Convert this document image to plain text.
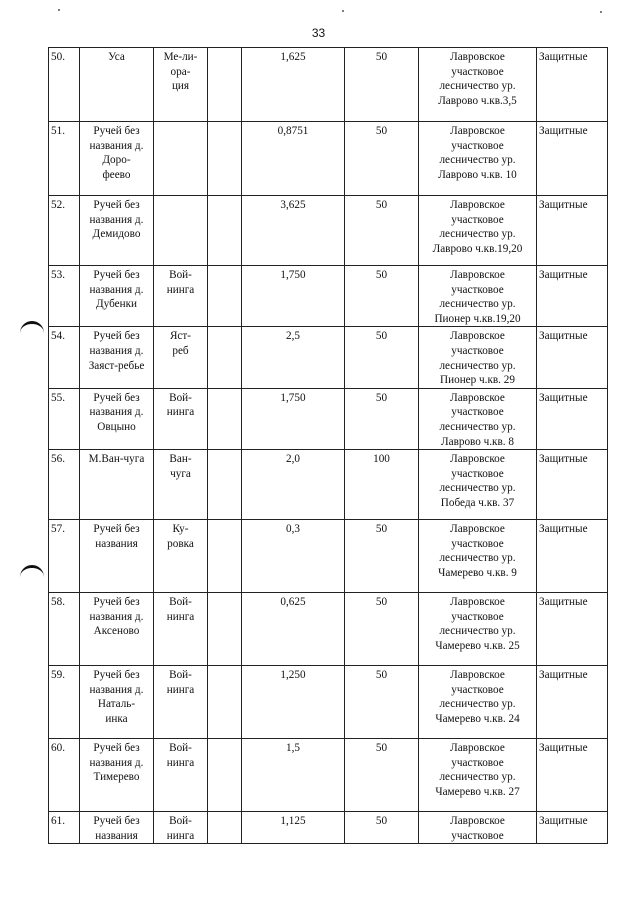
33
50.	Уса	Ме-ли-
ора-
ция		1,625	50	Лавровское
участковое
лесничество ур.
Лаврово ч.кв.3,5	Защитные
51.	Ручей без
названия д.
Доро-
феево			0,8751	50	Лавровское
участковое
лесничество ур.
Лаврово ч.кв. 10	Защитные
52.	Ручей без
названия д.
Демидово			3,625	50	Лавровское
участковое
лесничество ур.
Лаврово ч.кв.19,20	Защитные
53.	Ручей без
названия д.
Дубенки	Вой-
нинга		1,750	50	Лавровское
участковое
лесничество ур.
Пионер ч.кв.19,20	Защитные
54.	Ручей без
названия д.
Заяст-ребье	Яст-
реб		2,5	50	Лавровское
участковое
лесничество ур.
Пионер ч.кв. 29	Защитные
55.	Ручей без
названия д.
Овцыно	Вой-
нинга		1,750	50	Лавровское
участковое
лесничество ур.
Лаврово ч.кв. 8	Защитные
56.	М.Ван-чуга	Ван-
чуга		2,0	100	Лавровское
участковое
лесничество ур.
Победа ч.кв. 37	Защитные
57.	Ручей без
названия	Ку-
ровка		0,3	50	Лавровское
участковое
лесничество ур.
Чамерево ч.кв. 9	Защитные
58.	Ручей без
названия д.
Аксеново	Вой-
нинга		0,625	50	Лавровское
участковое
лесничество ур.
Чамерево ч.кв. 25	Защитные
59.	Ручей без
названия д.
Наталь-
инка	Вой-
нинга		1,250	50	Лавровское
участковое
лесничество ур.
Чамерево ч.кв. 24	Защитные
60.	Ручей без
названия д.
Тимерево	Вой-
нинга		1,5	50	Лавровское
участковое
лесничество ур.
Чамерево ч.кв. 27	Защитные
61.	Ручей без
названия	Вой-
нинга		1,125	50	Лавровское
участковое	Защитные
